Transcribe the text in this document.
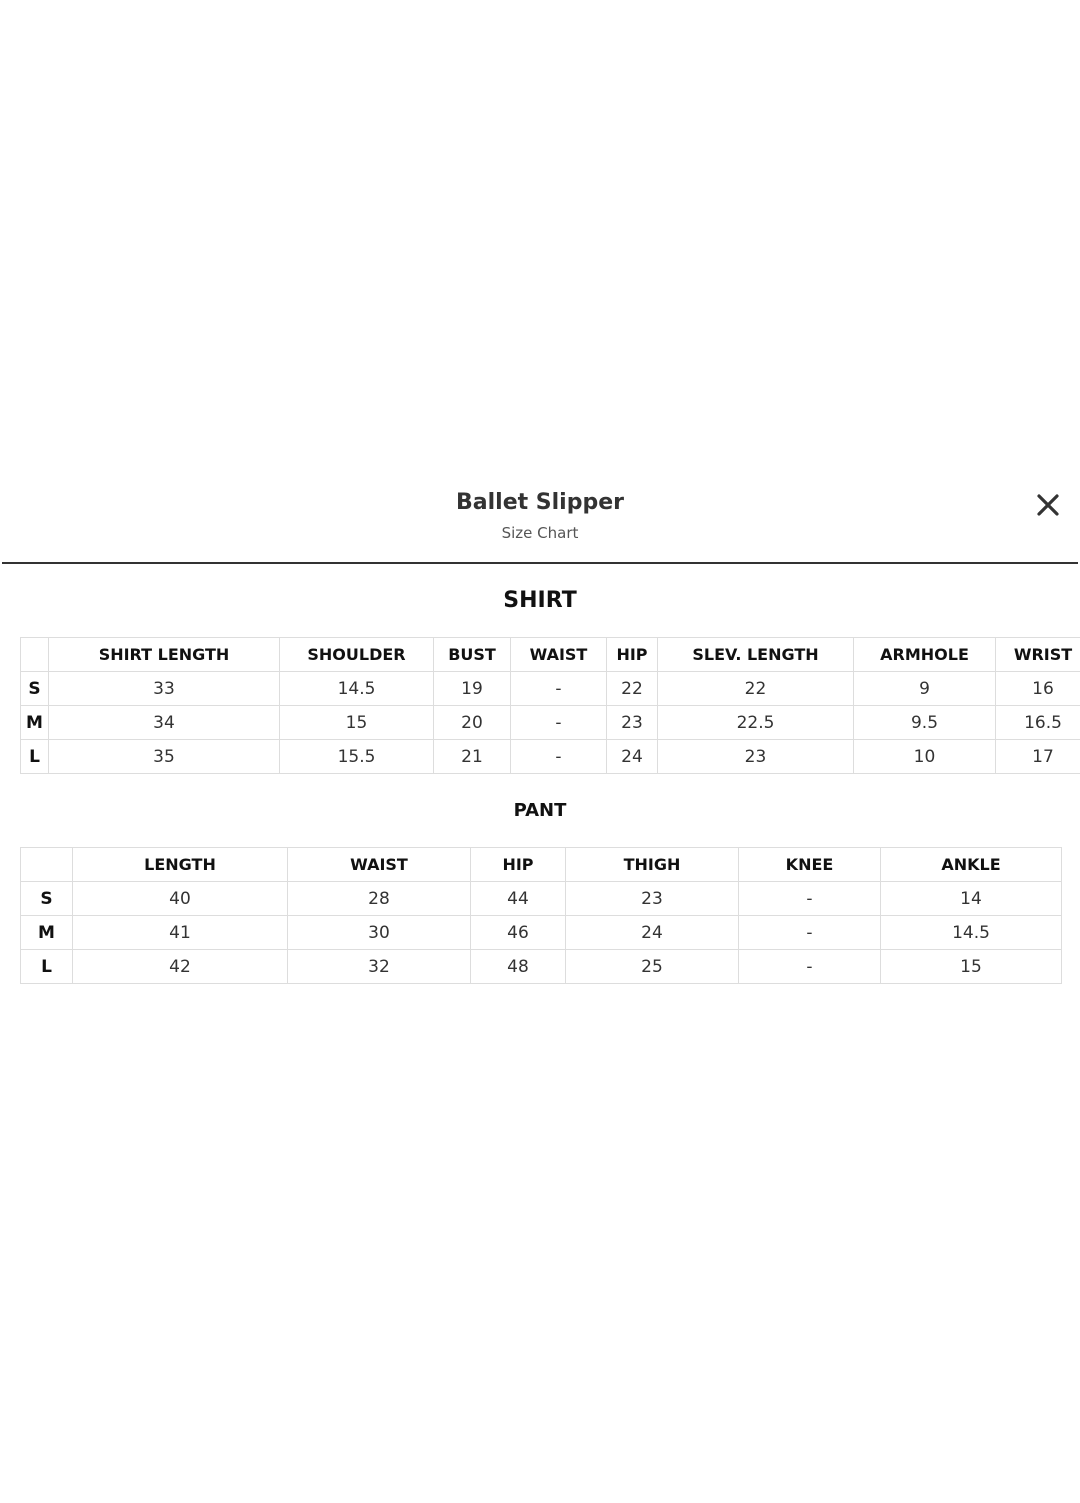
Ballet Slipper
Size Chart
SHIRT
	SHIRT LENGTH	SHOULDER	BUST	WAIST	HIP	SLEV. LENGTH	ARMHOLE	WRIST
S	33	14.5	19	-	22	22	9	16
M	34	15	20	-	23	22.5	9.5	16.5
L	35	15.5	21	-	24	23	10	17
PANT
	LENGTH	WAIST	HIP	THIGH	KNEE	ANKLE
S	40	28	44	23	-	14
M	41	30	46	24	-	14.5
L	42	32	48	25	-	15
